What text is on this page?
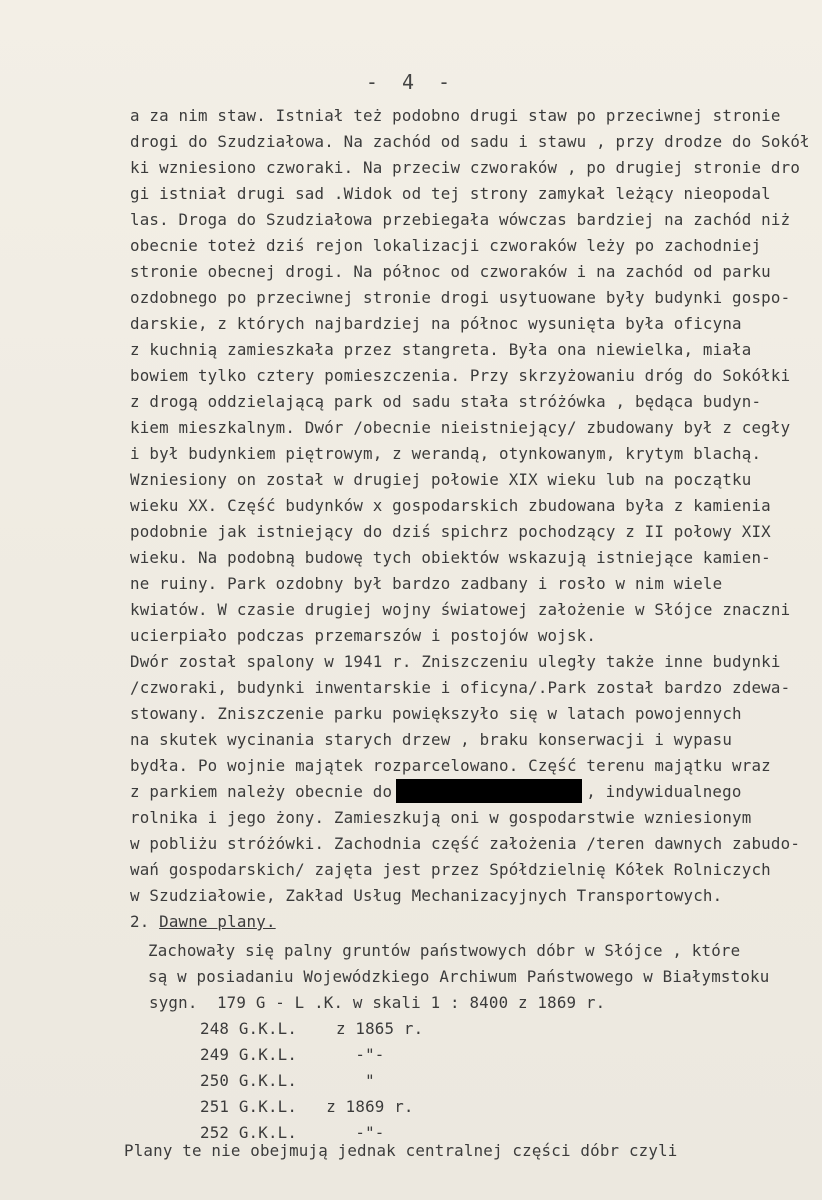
- 4 -
a za nim staw. Istniał też podobno drugi staw po przeciwnej stronie
drogi do Szudziałowa. Na zachód od sadu i stawu , przy drodze do Sokół
ki wzniesiono czworaki. Na przeciw czworaków , po drugiej stronie dro
gi istniał drugi sad .Widok od tej strony zamykał leżący nieopodal
las. Droga do Szudziałowa przebiegała wówczas bardziej na zachód niż
obecnie toteż dziś rejon lokalizacji czworaków leży po zachodniej
stronie obecnej drogi. Na północ od czworaków i na zachód od parku
ozdobnego po przeciwnej stronie drogi usytuowane były budynki gospo-
darskie, z których najbardziej na północ wysunięta była oficyna
z kuchnią zamieszkała przez stangreta. Była ona niewielka, miała
bowiem tylko cztery pomieszczenia. Przy skrzyżowaniu dróg do Sokółki
z drogą oddzielającą park od sadu stała stróżówka , będąca budyn-
kiem mieszkalnym. Dwór /obecnie nieistniejący/ zbudowany był z cegły
i był budynkiem piętrowym, z werandą, otynkowanym, krytym blachą.
Wzniesiony on został w drugiej połowie XIX wieku lub na początku
wieku XX. Część budynków x gospodarskich zbudowana była z kamienia
podobnie jak istniejący do dziś spichrz pochodzący z II połowy XIX
wieku. Na podobną budowę tych obiektów wskazują istniejące kamien-
ne ruiny. Park ozdobny był bardzo zadbany i rosło w nim wiele
kwiatów. W czasie drugiej wojny światowej założenie w Słójce znaczni
ucierpiało podczas przemarszów i postojów wojsk.
Dwór został spalony w 1941 r. Zniszczeniu uległy także inne budynki
/czworaki, budynki inwentarskie i oficyna/.Park został bardzo zdewa-
stowany. Zniszczenie parku powiększyło się w latach powojennych
na skutek wycinania starych drzew , braku konserwacji i wypasu
bydła. Po wojnie majątek rozparcelowano. Część terenu majątku wraz
z parkiem należy obecnie do	, indywidualnego
rolnika i jego żony. Zamieszkują oni w gospodarstwie wzniesionym
w pobliżu stróżówki. Zachodnia część założenia /teren dawnych zabudo-
wań gospodarskich/ zajęta jest przez Spółdzielnię Kółek Rolniczych
w Szudziałowie, Zakład Usług Mechanizacyjnych Transportowych.
2. Dawne plany.
Zachowały się palny gruntów państwowych dóbr w Słójce , które
są w posiadaniu Wojewódzkiego Archiwum Państwowego w Białymstoku
sygn.  179 G - L .K. w skali 1 : 8400 z 1869 r.
248 G.K.L.    z 1865 r.
249 G.K.L.      -"-
250 G.K.L.       "
251 G.K.L.   z 1869 r.
252 G.K.L.      -"-
Plany te nie obejmują jednak centralnej części dóbr czyli
